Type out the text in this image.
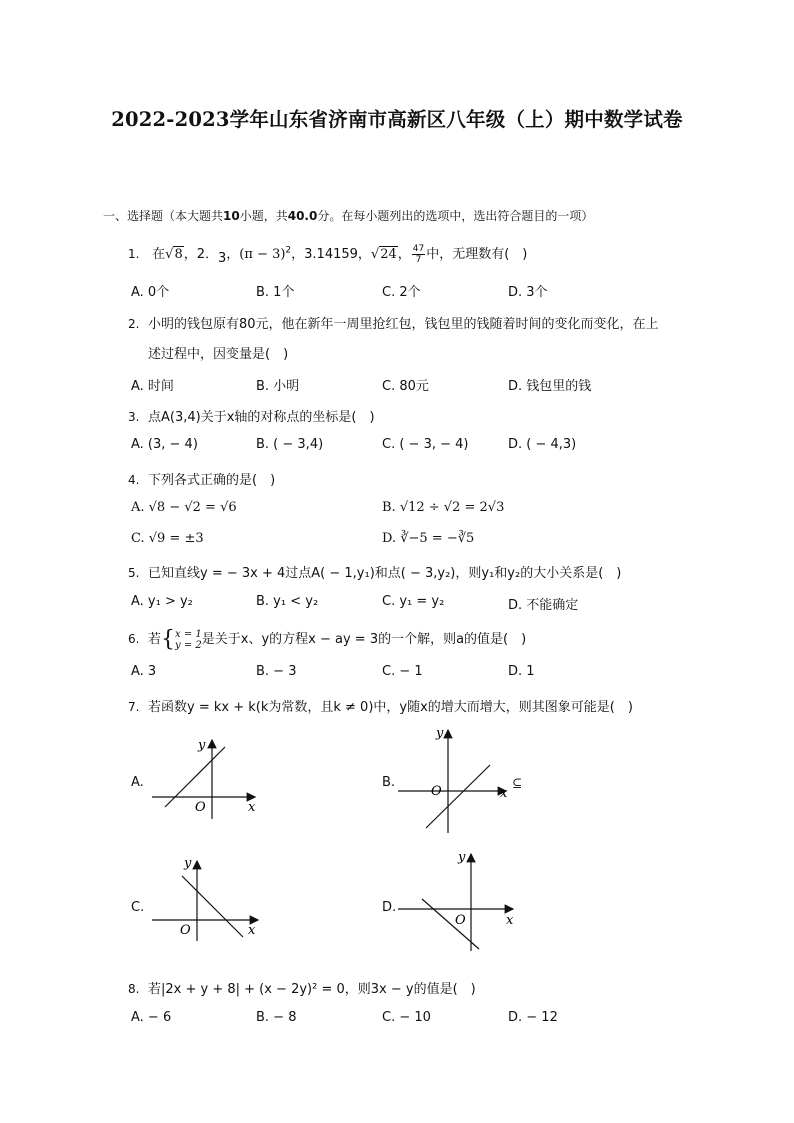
2022-2023学年山东省济南市高新区八年级（上）期中数学试卷
一、选择题（本大题共10小题，共40.0分。在每小题列出的选项中，选出符合题目的一项）
1. 在√8，2．3，$(\pi - 3)^2$，3.14159，√24， $\frac{47}{7}$ 中，无理数有(　)
A. 0个	B. 1个	C. 2个	D. 3个
2. 小明的钱包原有80元，他在新年一周里抢红包，钱包里的钱随着时间的变化而变化，在上
述过程中，因变量是(　)
A. 时间	B. 小明	C. 80元	D. 钱包里的钱
3. 点A(3,4)关于x轴的对称点的坐标是(　)
A. (3, − 4)	B. ( − 3,4)	C. ( − 3, − 4)	D. ( − 4,3)
4. 下列各式正确的是(　)
A. √8 − √2 = √6	B. √12 ÷ √2 = 2√3
C. √9 = ±3	D. ∛−5 = −∛5
5. 已知直线y = − 3x + 4过点A( − 1,y₁)和点( − 3,y₂)，则y₁和y₂的大小关系是(　)
A. y₁ > y₂	B. y₁ < y₂	C. y₁ = y₂	D. 不能确定
6. 若{ x = 1
y = 2 是关于x、y的方程x − ay = 3的一个解，则a的值是(　)
A. 3	B. − 3	C. − 1	D. 1
7. 若函数y = kx + k(k为常数，且k ≠ 0)中，y随x的增大而增大，则其图象可能是(　)
A.	B.
C.	D.
x
y
O
x
y
O
⊆
x
y
O
x
y
O
8. 若|2x + y + 8| + (x − 2y)² = 0，则3x − y的值是(　)
A. − 6	B. − 8	C. − 10	D. − 12
